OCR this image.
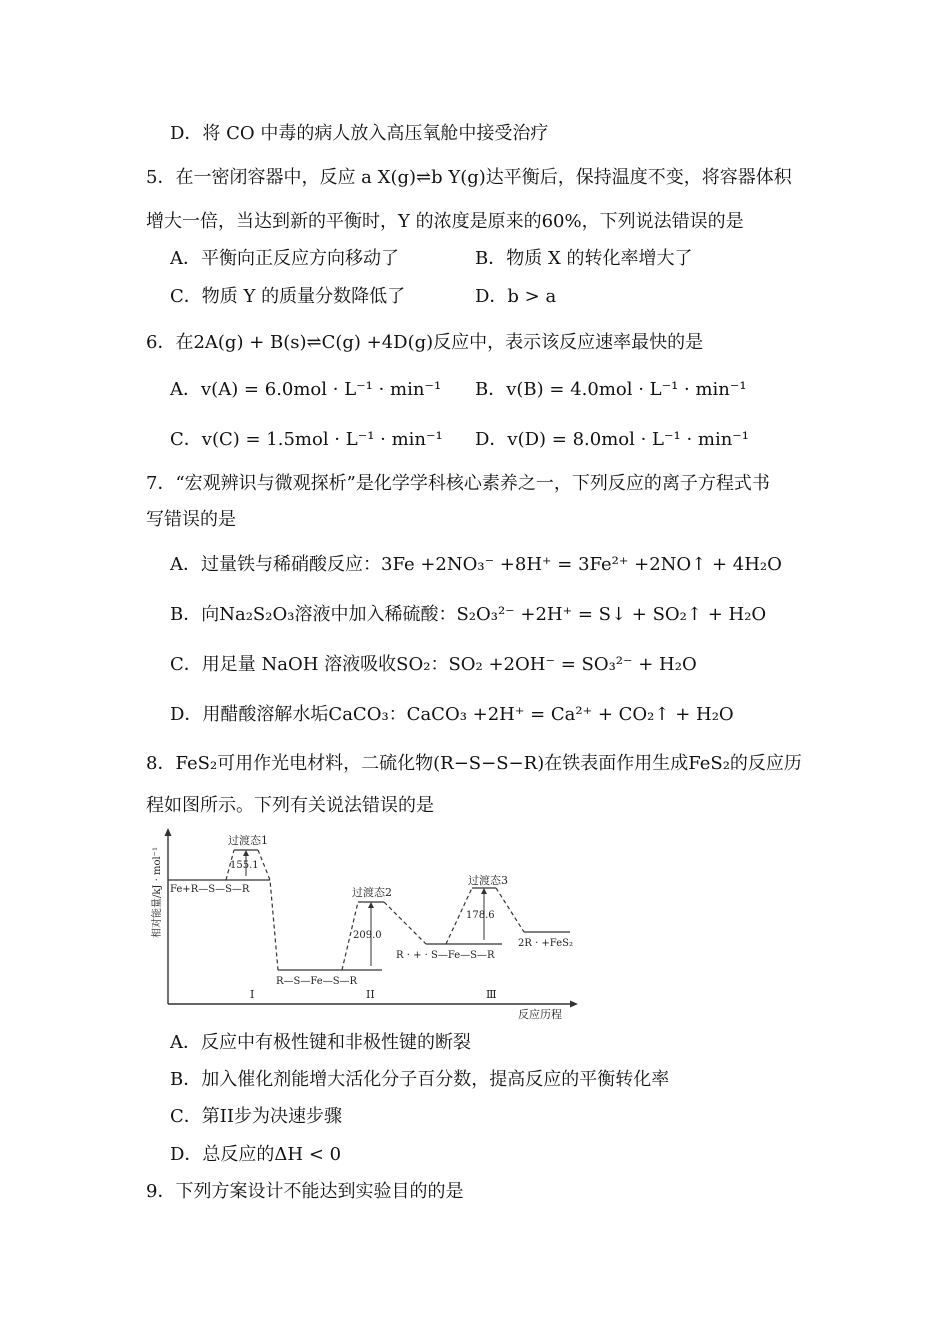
D．将 CO 中毒的病人放入高压氧舱中接受治疗
5．在一密闭容器中，反应 a X(g)⇌b Y(g)达平衡后，保持温度不变，将容器体积
增大一倍，当达到新的平衡时，Y 的浓度是原来的60%，下列说法错误的是
A．平衡向正反应方向移动了	B．物质 X 的转化率增大了
C．物质 Y 的质量分数降低了	D．b > a
6．在2A(g) + B(s)⇌C(g) +4D(g)反应中，表示该反应速率最快的是
A．v(A) = 6.0mol · L⁻¹ · min⁻¹ B．v(B) = 4.0mol · L⁻¹ · min⁻¹
C．v(C) = 1.5mol · L⁻¹ · min⁻¹ D．v(D) = 8.0mol · L⁻¹ · min⁻¹
7．“宏观辨识与微观探析”是化学学科核心素养之一，下列反应的离子方程式书
写错误的是
A．过量铁与稀硝酸反应：3Fe +2NO₃⁻ +8H⁺ = 3Fe²⁺ +2NO↑ + 4H₂O
B．向Na₂S₂O₃溶液中加入稀硫酸：S₂O₃²⁻ +2H⁺ = S↓ + SO₂↑ + H₂O
C．用足量 NaOH 溶液吸收SO₂：SO₂ +2OH⁻ = SO₃²⁻ + H₂O
D．用醋酸溶解水垢CaCO₃：CaCO₃ +2H⁺ = Ca²⁺ + CO₂↑ + H₂O
8．FeS₂可用作光电材料，二硫化物(R−S−S−R)在铁表面作用生成FeS₂的反应历
程如图所示。下列有关说法错误的是
相对能量/kJ · mol⁻¹
反应历程
过渡态1
过渡态2
过渡态3
155.1
209.0
178.6
Fe+R—S—S—R
R—S—Fe—S—R
R · + · S—Fe—S—R
2R · +FeS₂
I	II	Ⅲ
A．反应中有极性键和非极性键的断裂
B．加入催化剂能增大活化分子百分数，提高反应的平衡转化率
C．第II步为决速步骤
D．总反应的ΔH < 0
9．下列方案设计不能达到实验目的的是
